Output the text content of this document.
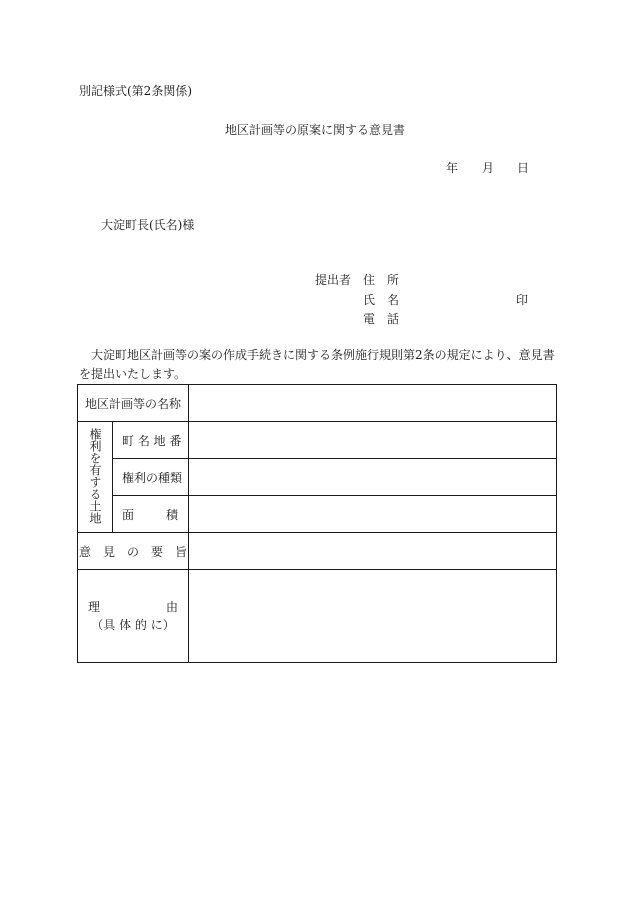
別記様式(第2条関係)
地区計画等の原案に関する意見書
年 月 日
大淀町長(氏名)様
提出者 住　所
氏　名	印
電　話
大淀町地区計画等の案の作成手続きに関する条例施行規則第2条の規定により、意見書を提出いたします。
地区計画等の名称		
権利を有する土地	町 名 地 番	
	権利の種類	

	面 積	

意　見　の　要　旨		

理 由
（具 体 的 に）		
